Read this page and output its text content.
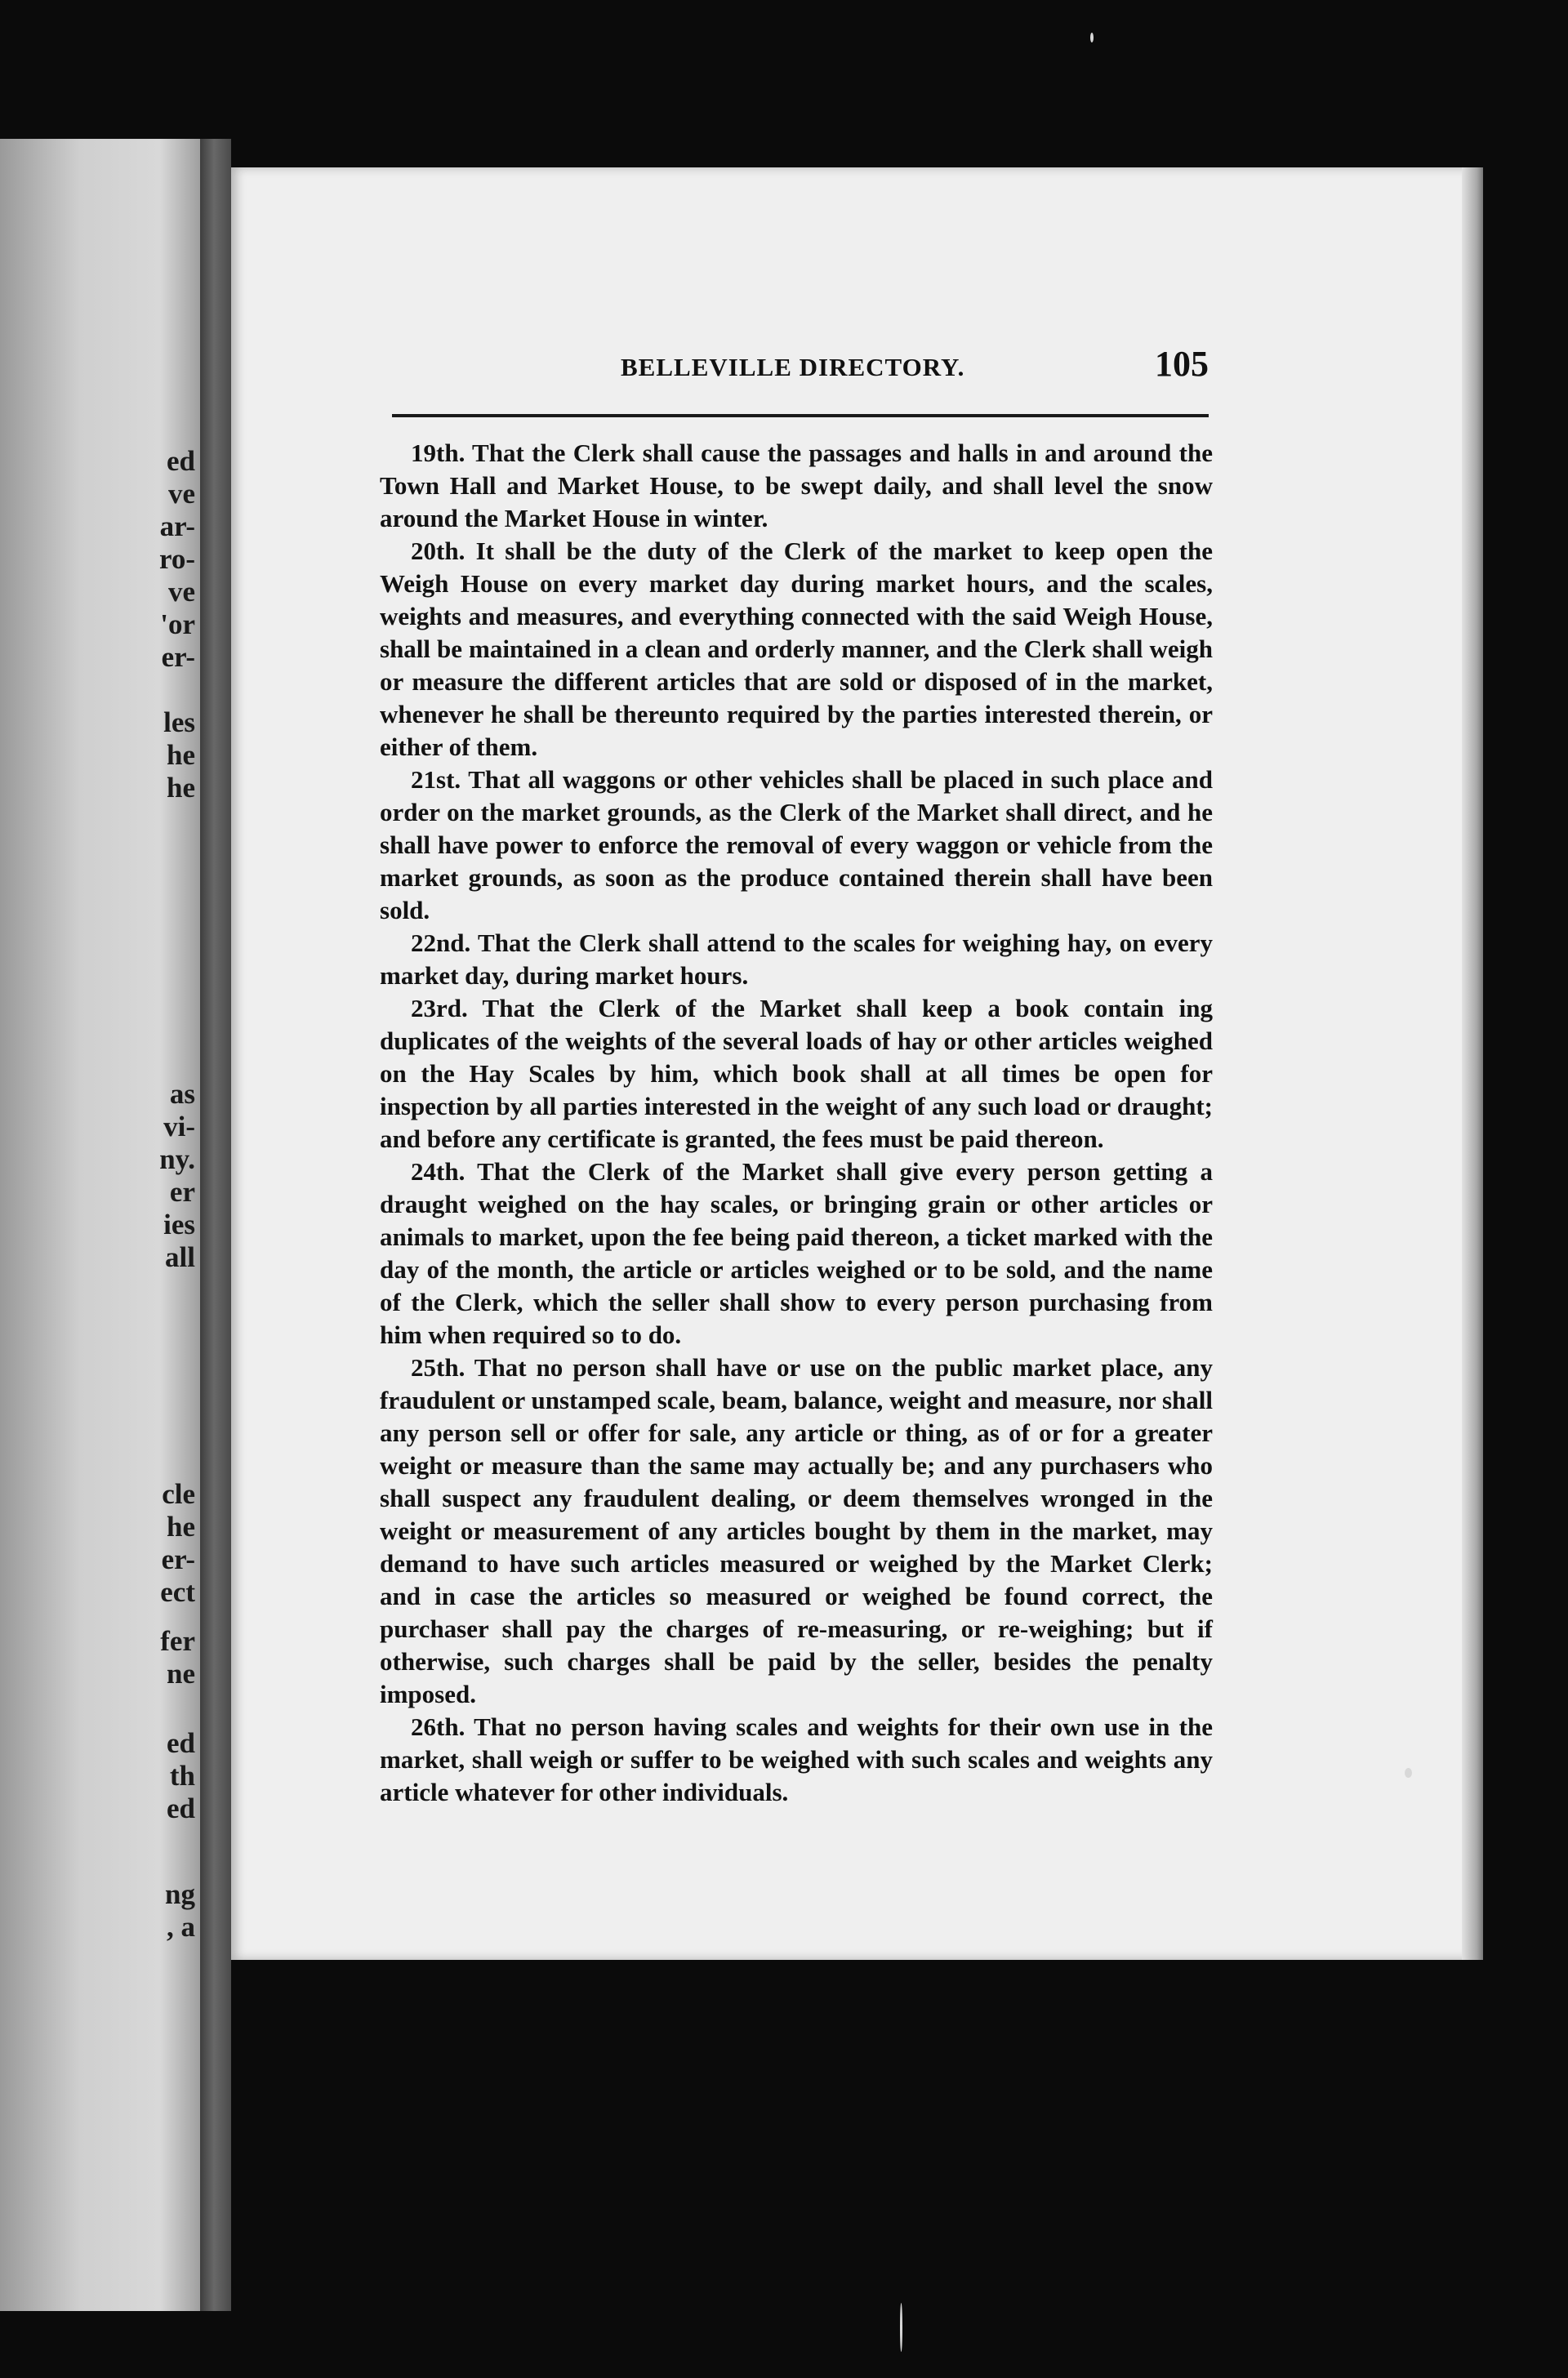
ed
ve
ar-
ro-
ve
'or
er-
les
he
he
as
vi-
ny.
er
ies
all
cle
he
er-
ect
fer
ne
ed
th
ed
ng
, a
BELLEVILLE DIRECTORY.	105

19th. That the Clerk shall cause the passages and halls in and around the Town Hall and Market House, to be swept daily, and shall level the snow around the Market House in winter.

20th. It shall be the duty of the Clerk of the market to keep open the Weigh House on every market day during market hours, and the scales, weights and measures, and everything connected with the said Weigh House, shall be maintained in a clean and orderly manner, and the Clerk shall weigh or measure the different articles that are sold or disposed of in the market, whenever he shall be thereunto required by the parties interested therein, or either of them.

21st. That all waggons or other vehicles shall be placed in such place and order on the market grounds, as the Clerk of the Market shall direct, and he shall have power to enforce the removal of every waggon or vehicle from the market grounds, as soon as the produce contained therein shall have been sold.

22nd. That the Clerk shall attend to the scales for weighing hay, on every market day, during market hours.

23rd. That the Clerk of the Market shall keep a book contain ing duplicates of the weights of the several loads of hay or other articles weighed on the Hay Scales by him, which book shall at all times be open for inspection by all parties interested in the weight of any such load or draught; and before any certificate is granted, the fees must be paid thereon.

24th. That the Clerk of the Market shall give every person getting a draught weighed on the hay scales, or bringing grain or other articles or animals to market, upon the fee being paid thereon, a ticket marked with the day of the month, the article or articles weighed or to be sold, and the name of the Clerk, which the seller shall show to every person purchasing from him when required so to do.

25th. That no person shall have or use on the public market place, any fraudulent or unstamped scale, beam, balance, weight and measure, nor shall any person sell or offer for sale, any article or thing, as of or for a greater weight or measure than the same may actually be; and any purchasers who shall suspect any fraudulent dealing, or deem themselves wronged in the weight or measurement of any articles bought by them in the market, may demand to have such articles measured or weighed by the Market Clerk; and in case the articles so measured or weighed be found correct, the purchaser shall pay the charges of re-measuring, or re-weighing; but if otherwise, such charges shall be paid by the seller, besides the penalty imposed.

26th. That no person having scales and weights for their own use in the market, shall weigh or suffer to be weighed with such scales and weights any article whatever for other individuals.
